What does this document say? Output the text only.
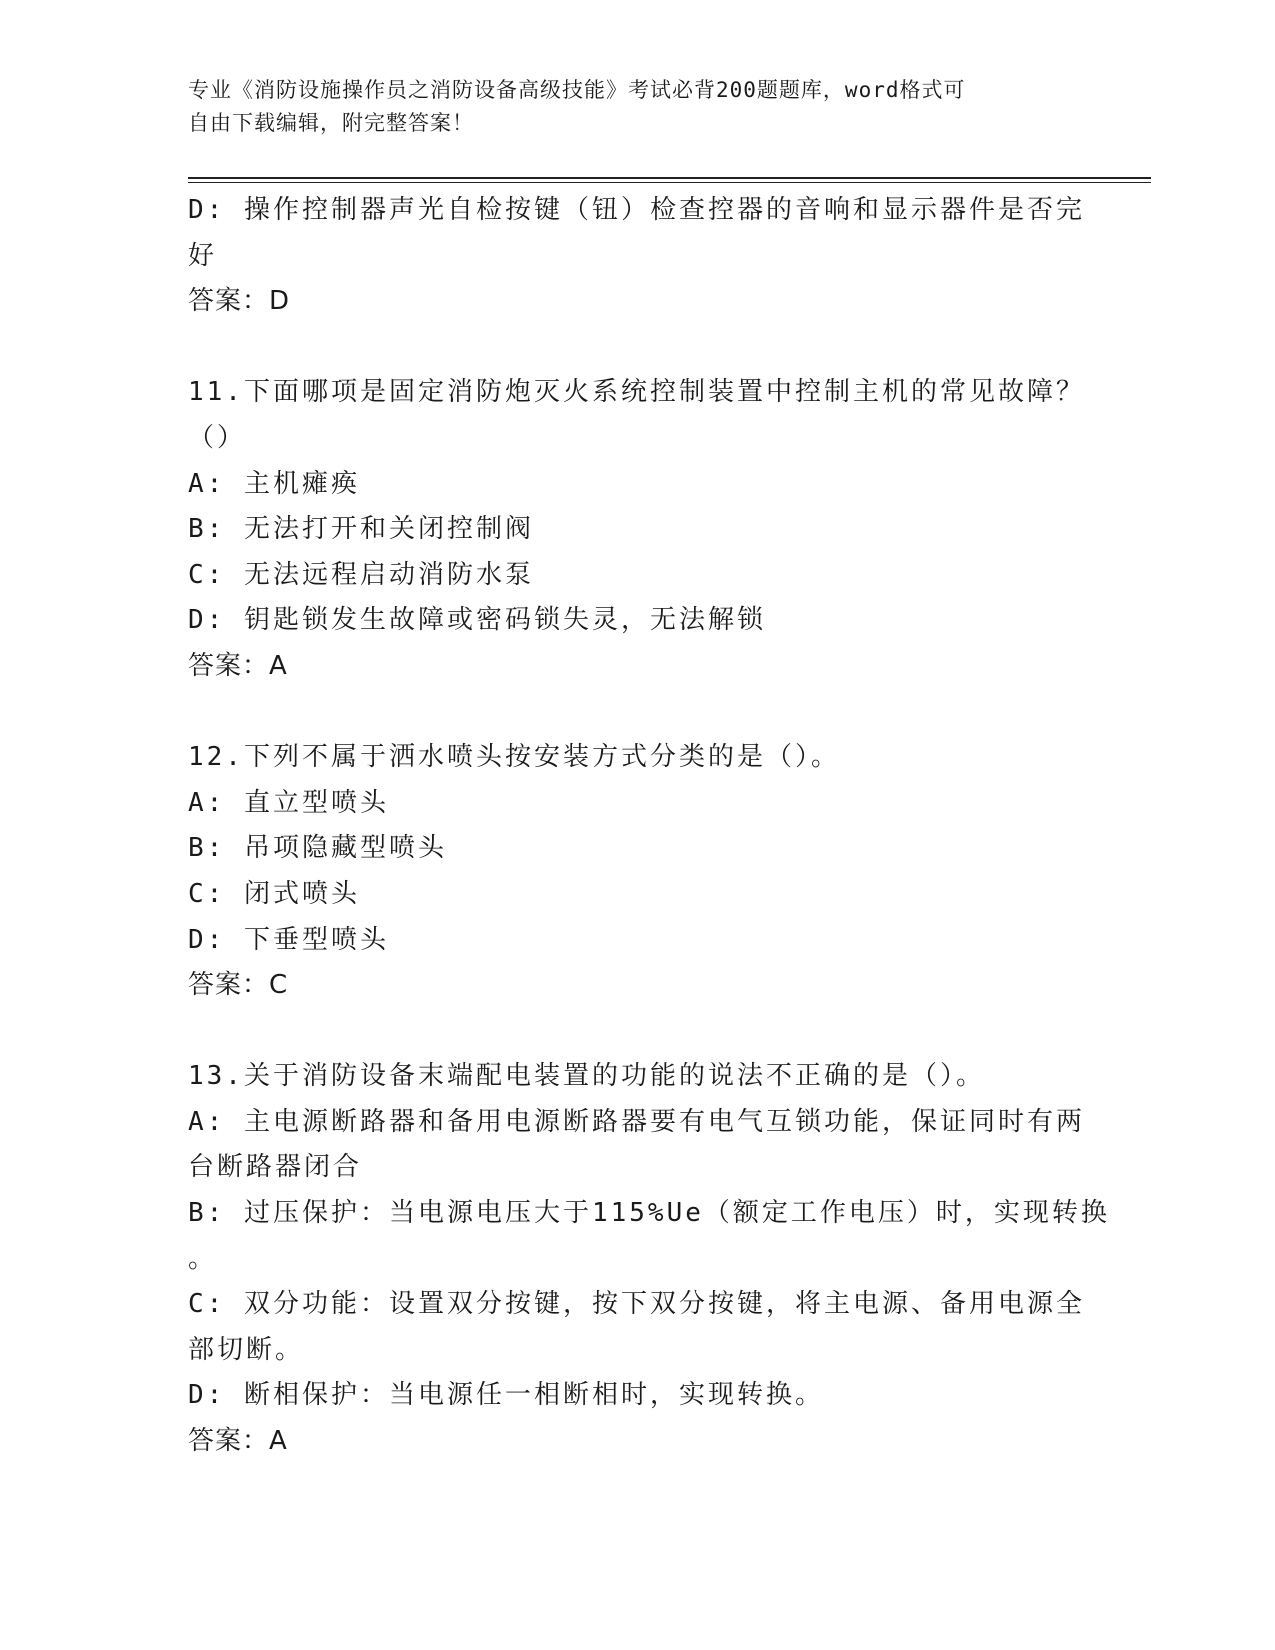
专业《消防设施操作员之消防设备高级技能》考试必背200题题库，word格式可
自由下载编辑，附完整答案！
D: 操作控制器声光自检按键（钮）检查控器的音响和显示器件是否完
好
答案：D
11.下面哪项是固定消防炮灭火系统控制装置中控制主机的常见故障？
（）
A: 主机瘫痪
B: 无法打开和关闭控制阀
C: 无法远程启动消防水泵
D: 钥匙锁发生故障或密码锁失灵，无法解锁
答案：A
12.下列不属于洒水喷头按安装方式分类的是（）。
A: 直立型喷头
B: 吊项隐藏型喷头
C: 闭式喷头
D: 下垂型喷头
答案：C
13.关于消防设备末端配电装置的功能的说法不正确的是（）。
A: 主电源断路器和备用电源断路器要有电气互锁功能，保证同时有两
台断路器闭合
B: 过压保护：当电源电压大于115%Ue（额定工作电压）时，实现转换
。
C: 双分功能：设置双分按键，按下双分按键，将主电源、备用电源全
部切断。
D: 断相保护：当电源任一相断相时，实现转换。
答案：A
